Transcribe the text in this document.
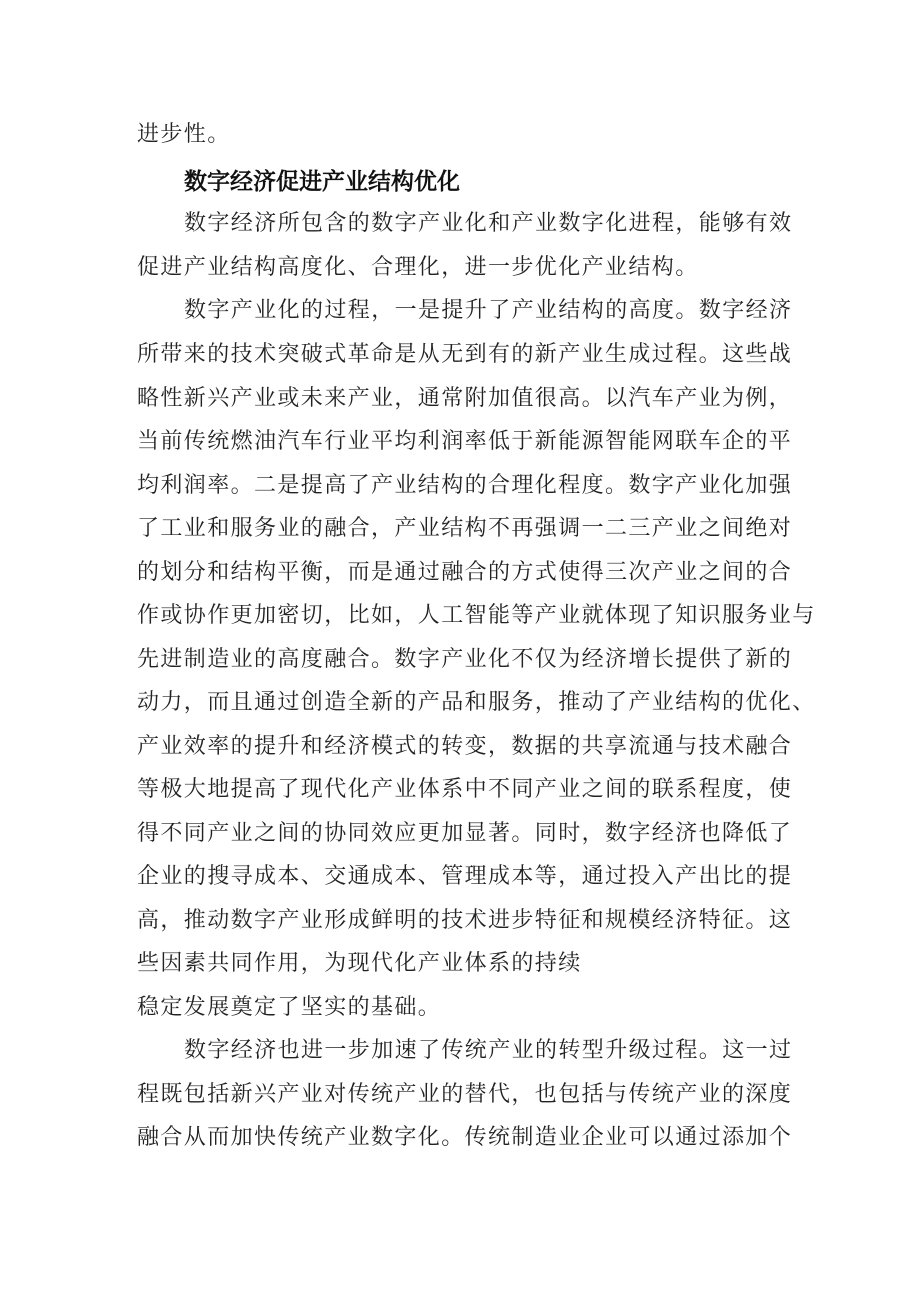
进步性。
数字经济促进产业结构优化
数字经济所包含的数字产业化和产业数字化进程，能够有效
促进产业结构高度化、合理化，进一步优化产业结构。
数字产业化的过程，一是提升了产业结构的高度。数字经济
所带来的技术突破式革命是从无到有的新产业生成过程。这些战
略性新兴产业或未来产业，通常附加值很高。以汽车产业为例，
当前传统燃油汽车行业平均利润率低于新能源智能网联车企的平
均利润率。二是提高了产业结构的合理化程度。数字产业化加强
了工业和服务业的融合，产业结构不再强调一二三产业之间绝对
的划分和结构平衡，而是通过融合的方式使得三次产业之间的合
作或协作更加密切，比如，人工智能等产业就体现了知识服务业与
先进制造业的高度融合。数字产业化不仅为经济增长提供了新的
动力，而且通过创造全新的产品和服务，推动了产业结构的优化、
产业效率的提升和经济模式的转变，数据的共享流通与技术融合
等极大地提高了现代化产业体系中不同产业之间的联系程度，使
得不同产业之间的协同效应更加显著。同时，数字经济也降低了
企业的搜寻成本、交通成本、管理成本等，通过投入产出比的提
高，推动数字产业形成鲜明的技术进步特征和规模经济特征。这
些因素共同作用，为现代化产业体系的持续
稳定发展奠定了坚实的基础。
数字经济也进一步加速了传统产业的转型升级过程。这一过
程既包括新兴产业对传统产业的替代，也包括与传统产业的深度
融合从而加快传统产业数字化。传统制造业企业可以通过添加个
